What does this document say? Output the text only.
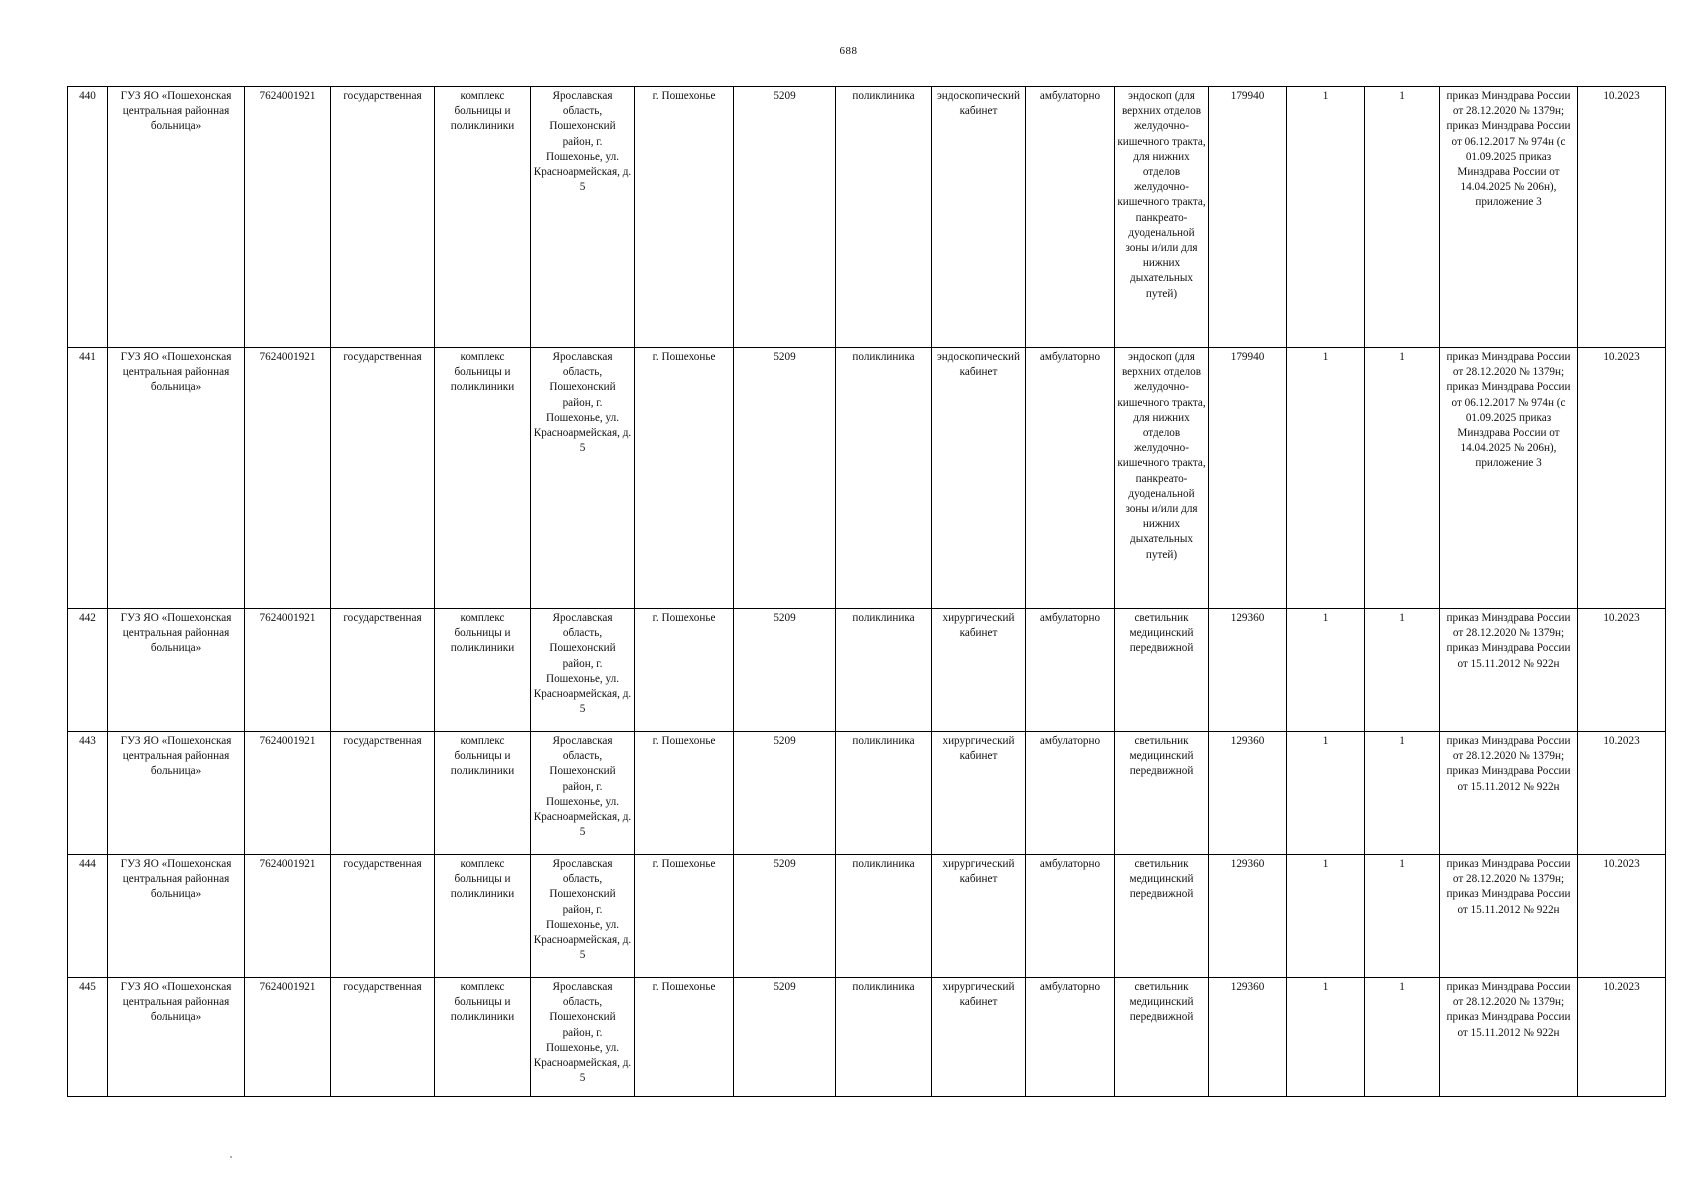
688
440	ГУЗ ЯО «Пошехонская центральная районная больница»	7624001921	государственная	комплекс больницы и поликлиники	Ярославская область, Пошехонский район, г. Пошехонье, ул. Красноармейская, д. 5	г. Пошехонье	5209	поликлиника	эндоскопический кабинет	амбулаторно	эндоскоп (для верхних отделов желудочно-кишечного тракта, для нижних отделов желудочно-кишечного тракта, панкреато-дуоденальной зоны и/или для нижних дыхательных путей)	179940	1	1	приказ Минздрава России от 28.12.2020 № 1379н; приказ Минздрава России от 06.12.2017 № 974н (с 01.09.2025 приказ Минздрава России от 14.04.2025 № 206н), приложение 3	10.2023
441	ГУЗ ЯО «Пошехонская центральная районная больница»	7624001921	государственная	комплекс больницы и поликлиники	Ярославская область, Пошехонский район, г. Пошехонье, ул. Красноармейская, д. 5	г. Пошехонье	5209	поликлиника	эндоскопический кабинет	амбулаторно	эндоскоп (для верхних отделов желудочно-кишечного тракта, для нижних отделов желудочно-кишечного тракта, панкреато-дуоденальной зоны и/или для нижних дыхательных путей)	179940	1	1	приказ Минздрава России от 28.12.2020 № 1379н; приказ Минздрава России от 06.12.2017 № 974н (с 01.09.2025 приказ Минздрава России от 14.04.2025 № 206н), приложение 3	10.2023
442	ГУЗ ЯО «Пошехонская центральная районная больница»	7624001921	государственная	комплекс больницы и поликлиники	Ярославская область, Пошехонский район, г. Пошехонье, ул. Красноармейская, д. 5	г. Пошехонье	5209	поликлиника	хирургический кабинет	амбулаторно	светильник медицинский передвижной	129360	1	1	приказ Минздрава России от 28.12.2020 № 1379н; приказ Минздрава России от 15.11.2012 № 922н	10.2023
443	ГУЗ ЯО «Пошехонская центральная районная больница»	7624001921	государственная	комплекс больницы и поликлиники	Ярославская область, Пошехонский район, г. Пошехонье, ул. Красноармейская, д. 5	г. Пошехонье	5209	поликлиника	хирургический кабинет	амбулаторно	светильник медицинский передвижной	129360	1	1	приказ Минздрава России от 28.12.2020 № 1379н; приказ Минздрава России от 15.11.2012 № 922н	10.2023
444	ГУЗ ЯО «Пошехонская центральная районная больница»	7624001921	государственная	комплекс больницы и поликлиники	Ярославская область, Пошехонский район, г. Пошехонье, ул. Красноармейская, д. 5	г. Пошехонье	5209	поликлиника	хирургический кабинет	амбулаторно	светильник медицинский передвижной	129360	1	1	приказ Минздрава России от 28.12.2020 № 1379н; приказ Минздрава России от 15.11.2012 № 922н	10.2023
445	ГУЗ ЯО «Пошехонская центральная районная больница»	7624001921	государственная	комплекс больницы и поликлиники	Ярославская область, Пошехонский район, г. Пошехонье, ул. Красноармейская, д. 5	г. Пошехонье	5209	поликлиника	хирургический кабинет	амбулаторно	светильник медицинский передвижной	129360	1	1	приказ Минздрава России от 28.12.2020 № 1379н; приказ Минздрава России от 15.11.2012 № 922н	10.2023
